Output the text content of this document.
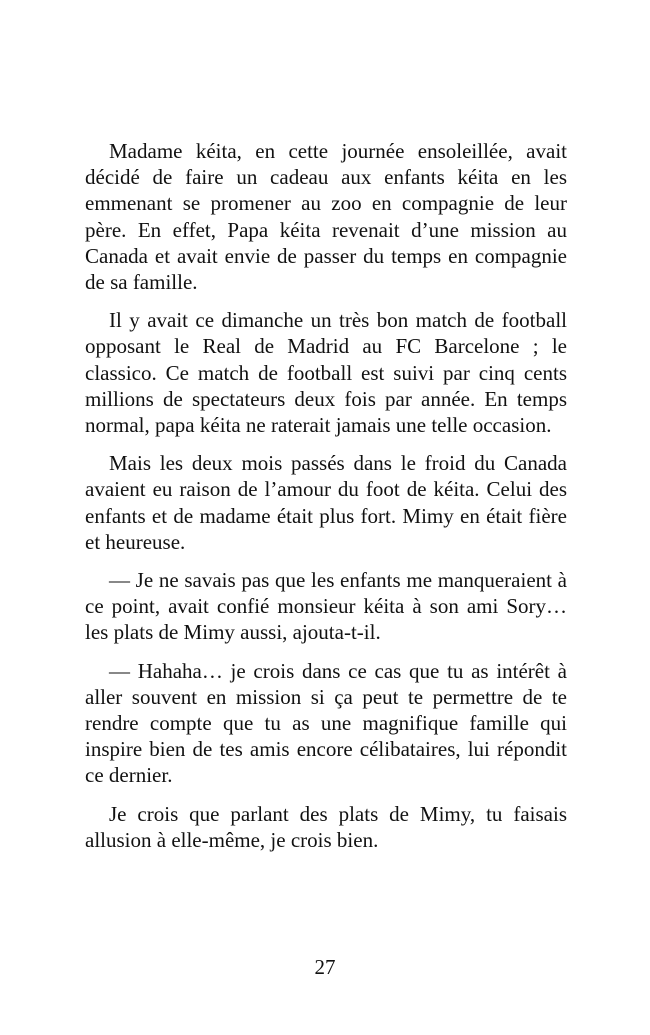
Madame kéita, en cette journée ensoleillée, avait décidé de faire un cadeau aux enfants kéita en les emmenant se promener au zoo en compagnie de leur père. En effet, Papa kéita revenait d’une mission au Canada et avait envie de passer du temps en compagnie de sa famille.

Il y avait ce dimanche un très bon match de football opposant le Real de Madrid au FC Barcelone ; le classico. Ce match de football est suivi par cinq cents millions de spectateurs deux fois par année. En temps normal, papa kéita ne raterait jamais une telle occasion.

Mais les deux mois passés dans le froid du Canada avaient eu raison de l’amour du foot de kéita. Celui des enfants et de madame était plus fort. Mimy en était fière et heureuse.

— Je ne savais pas que les enfants me manqueraient à ce point, avait confié monsieur kéita à son ami Sory… les plats de Mimy aussi, ajouta-t-il.

— Hahaha… je crois dans ce cas que tu as intérêt à aller souvent en mission si ça peut te permettre de te rendre compte que tu as une magnifique famille qui inspire bien de tes amis encore célibataires, lui répondit ce dernier.

Je crois que parlant des plats de Mimy, tu faisais allusion à elle-même, je crois bien.

27
